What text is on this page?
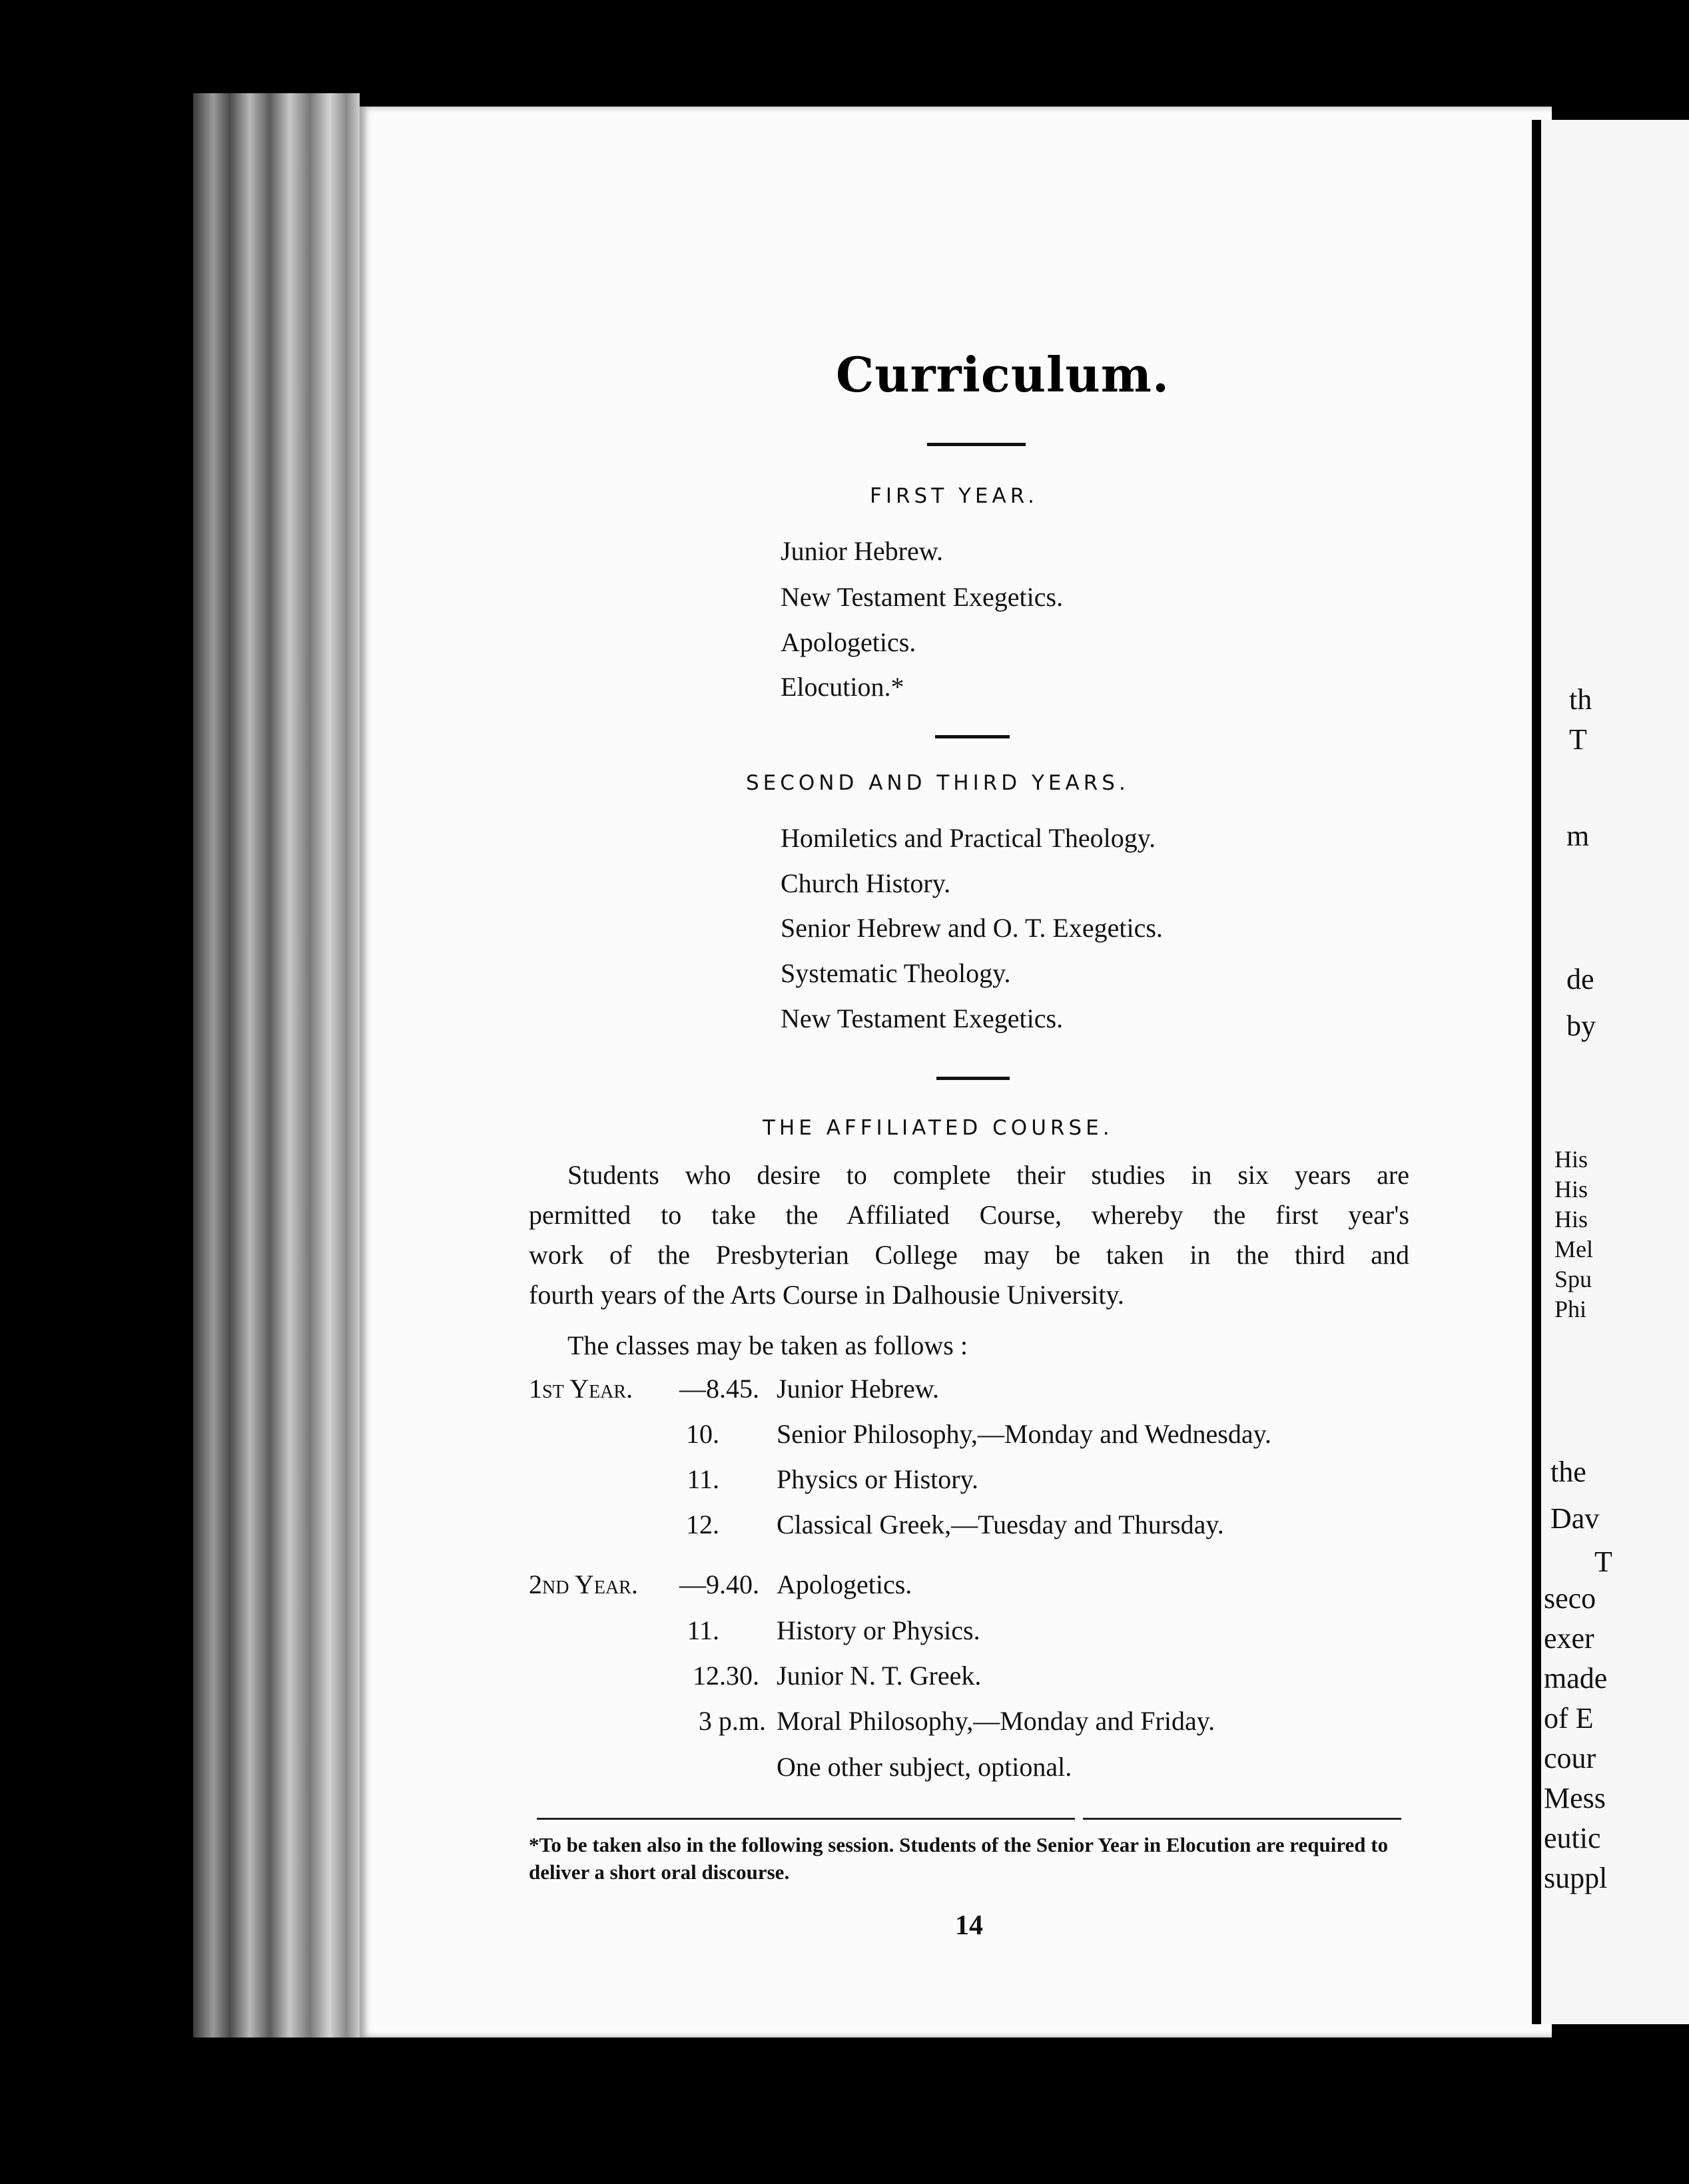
th
T
m
de
by
His
His
His
Mel
Spu
Phi
the
Dav
T
seco
exer
made
of E
cour
Mess
eutic
suppl
Curriculum.
FIRST YEAR.
Junior Hebrew.
New Testament Exegetics.
Apologetics.
Elocution.*
SECOND AND THIRD YEARS.
Homiletics and Practical Theology.
Church History.
Senior Hebrew and O. T. Exegetics.
Systematic Theology.
New Testament Exegetics.
THE AFFILIATED COURSE.
Students who desire to complete their studies in six years are
permitted to take the Affiliated Course, whereby the first year's
work of the Presbyterian College may be taken in the third and
fourth years of the Arts Course in Dalhousie University.
The classes may be taken as follows :
1st Year.	—8.45. Junior Hebrew.
10. Senior Philosophy,—Monday and Wednesday.
11. Physics or History.
12. Classical Greek,—Tuesday and Thursday.
2nd Year.	—9.40. Apologetics.
11. History or Physics.
12.30. Junior N. T. Greek.
3 p.m. Moral Philosophy,—Monday and Friday.
One other subject, optional.
*To be taken also in the following session. Students of the Senior Year in Elocution are required to deliver a short oral discourse.
14
